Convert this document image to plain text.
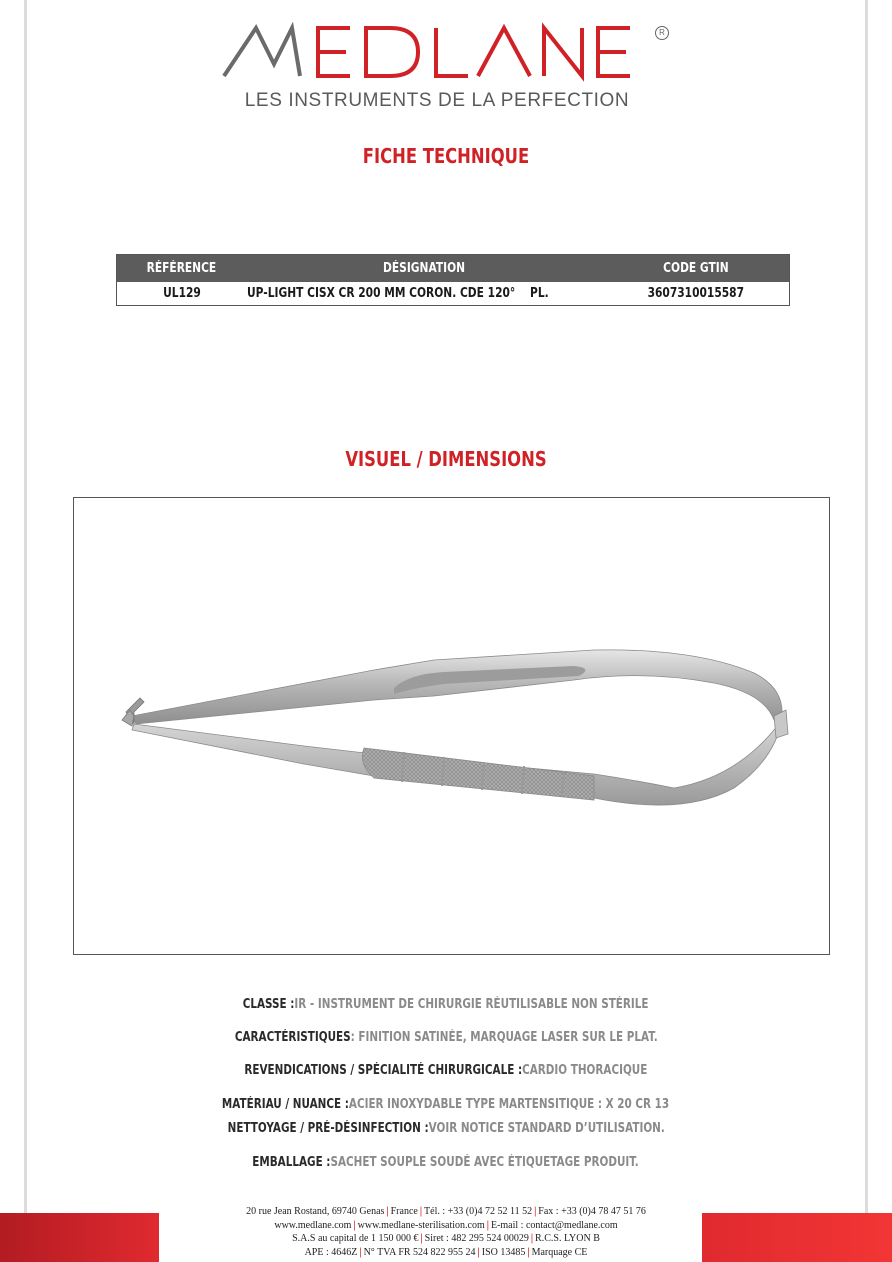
R
LES INSTRUMENTS DE LA PERFECTION
FICHE TECHNIQUE
RÉFÉRENCE	DÉSIGNATION	CODE GTIN
UL129	UP-LIGHT CISX CR 200 MM CORON. CDE 120° PL.	3607310015587
VISUEL / DIMENSIONS
CLASSE :IR - INSTRUMENT DE CHIRURGIE RÉUTILISABLE NON STÉRILE
CARACTÉRISTIQUES: FINITION SATINÉE, MARQUAGE LASER SUR LE PLAT.
REVENDICATIONS / SPÉCIALITÉ CHIRURGICALE :CARDIO THORACIQUE
MATÉRIAU / NUANCE :ACIER INOXYDABLE TYPE MARTENSITIQUE : X 20 CR 13
NETTOYAGE / PRÉ-DÉSINFECTION :VOIR NOTICE STANDARD D’UTILISATION.
EMBALLAGE :SACHET SOUPLE SOUDÉ AVEC ÉTIQUETAGE PRODUIT.
20 rue Jean Rostand, 69740 Genas | France | Tél. : +33 (0)4 72 52 11 52 | Fax : +33 (0)4 78 47 51 76
www.medlane.com | www.medlane-sterilisation.com | E-mail : contact@medlane.com
S.A.S au capital de 1 150 000 € | Siret : 482 295 524 00029 | R.C.S. LYON B
APE : 4646Z | N° TVA FR 524 822 955 24 | ISO 13485 | Marquage CE
